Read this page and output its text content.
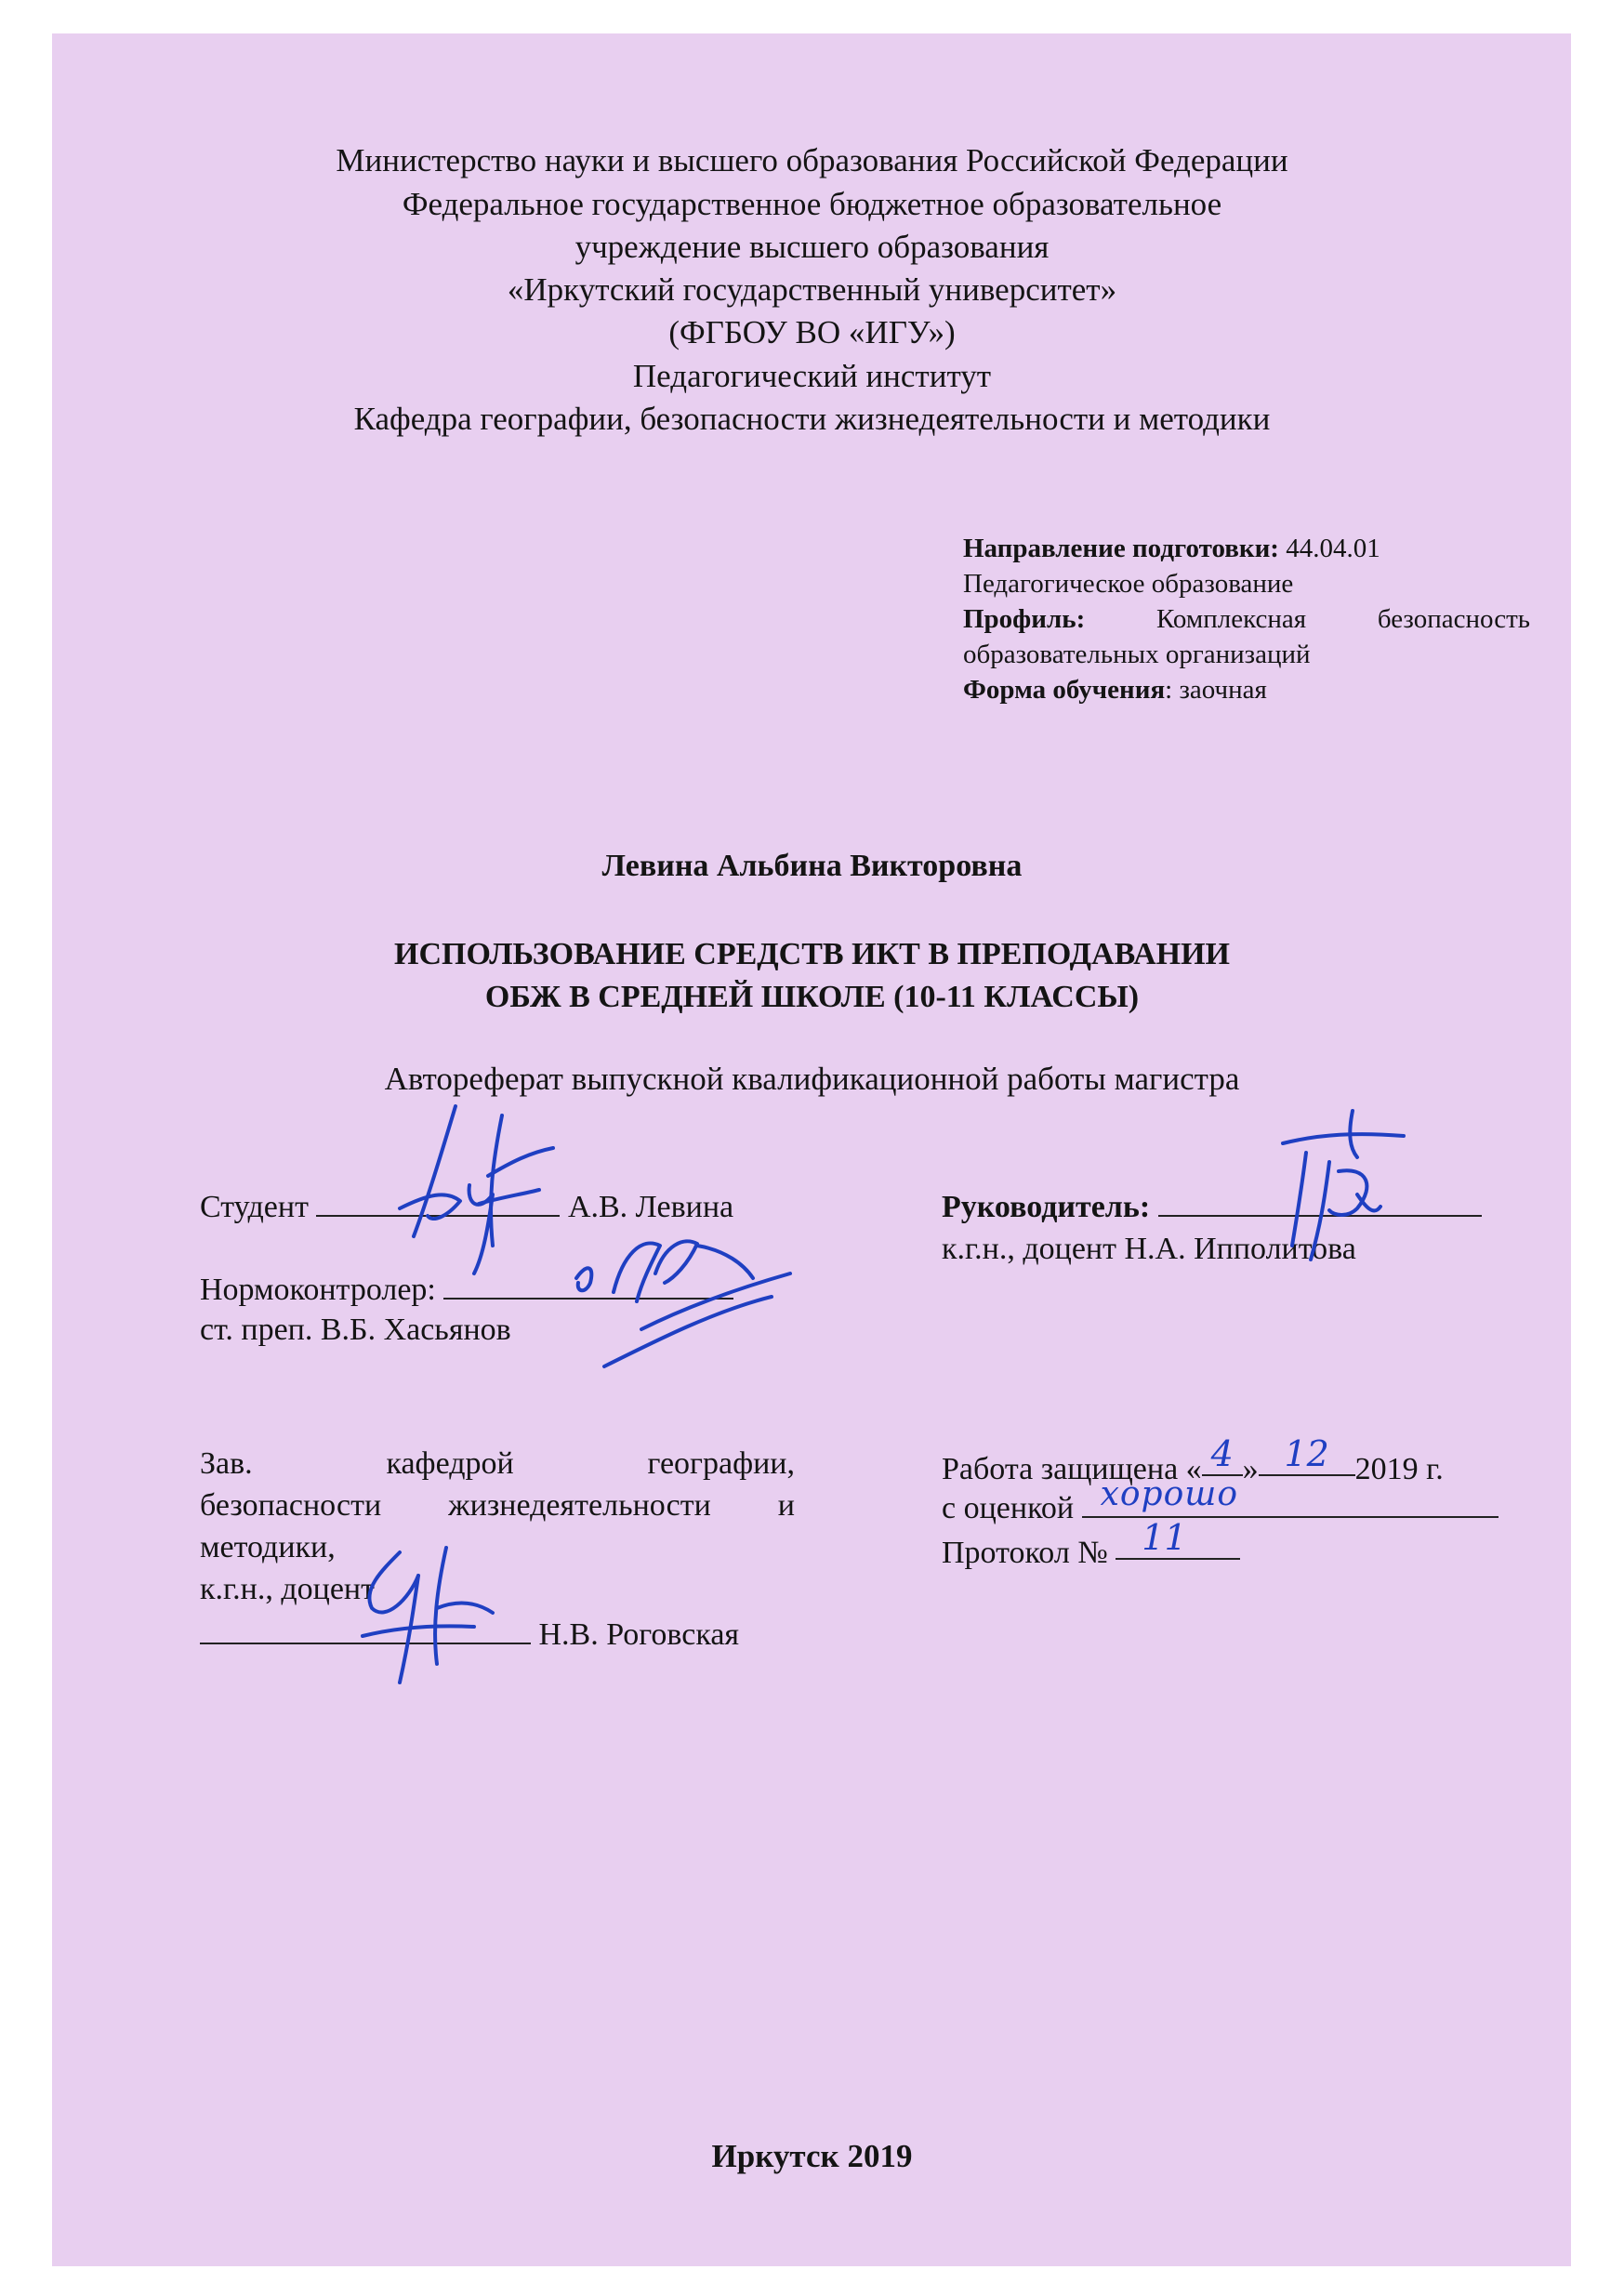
Министерство науки и высшего образования Российской Федерации
Федеральное государственное бюджетное образовательное
учреждение высшего образования
«Иркутский государственный университет»
(ФГБОУ ВО «ИГУ»)
Педагогический институт
Кафедра географии, безопасности жизнедеятельности и методики
Направление подготовки: 44.04.01
Педагогическое образование
Профиль:	Комплексная	безопасность
образовательных организаций
Форма обучения: заочная
Левина Альбина Викторовна
ИСПОЛЬЗОВАНИЕ СРЕДСТВ ИКТ В ПРЕПОДАВАНИИ
ОБЖ В СРЕДНЕЙ ШКОЛЕ (10-11 КЛАССЫ)
Автореферат выпускной квалификационной работы магистра
Студент	А.В. Левина	Руководитель:
к.г.н., доцент Н.А. Ипполитова
Нормоконтролер:
ст. преп. В.Б. Хасьянов
Зав.	кафедрой	географии,
безопасности жизнедеятельности и
методики,
к.г.н., доцент
Н.В. Роговская
Работа защищена « 4 » 12 2019 г.
с оценкой хорошо
Протокол № 11
Иркутск 2019
